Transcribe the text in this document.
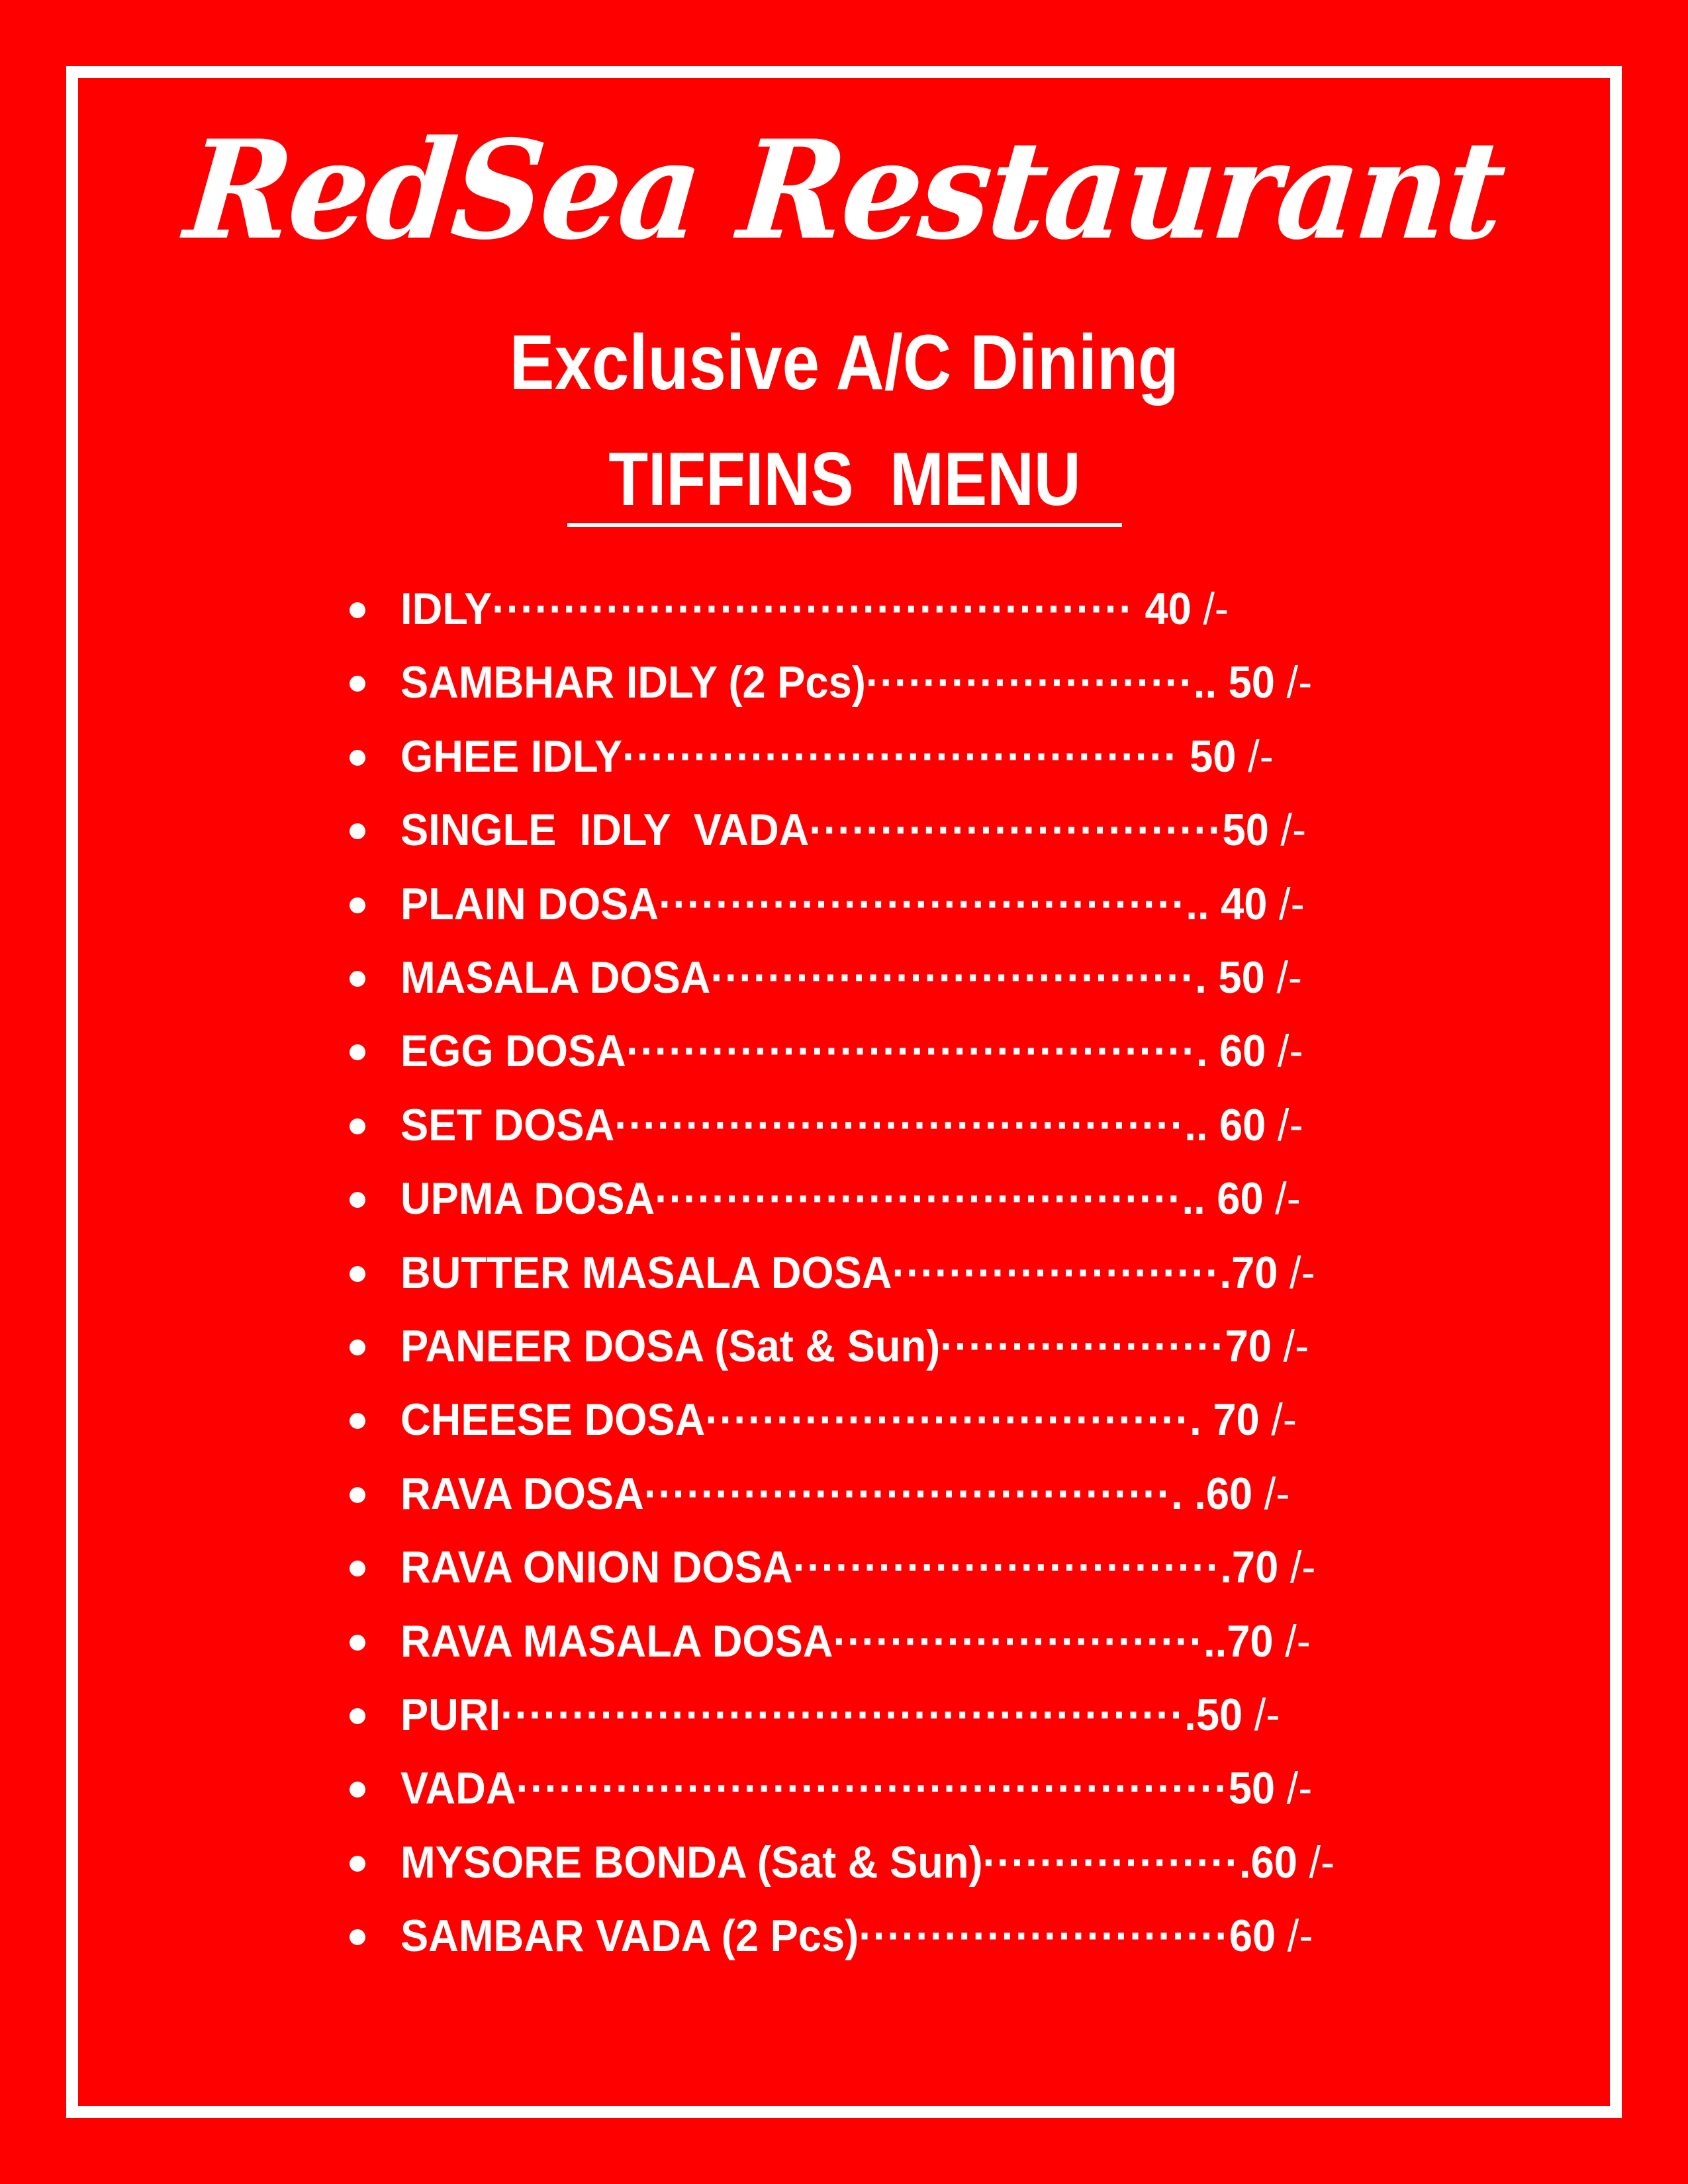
RedSea Restaurant
Exclusive A/C Dining
TIFFINS  MENU
IDLY············································· 40 /-
SAMBHAR IDLY (2 Pcs)·······················.. 50 /-
GHEE IDLY······································· 50 /-
SINGLE  IDLY  VADA·····························50 /-
PLAIN DOSA·····································.. 40 /-
MASALA DOSA··································. 50 /-
EGG DOSA········································. 60 /-
SET DOSA········································.. 60 /-
UPMA DOSA·····································.. 60 /-
BUTTER MASALA DOSA·······················.70 /-
PANEER DOSA (Sat & Sun)····················70 /-
CHEESE DOSA··································. 70 /-
RAVA DOSA·····································. .60 /-
RAVA ONION DOSA······························.70 /-
RAVA MASALA DOSA··························..70 /-
PURI················································.50 /-
VADA··················································50 /-
MYSORE BONDA (Sat & Sun)··················.60 /-
SAMBAR VADA (2 Pcs)··························60 /-
